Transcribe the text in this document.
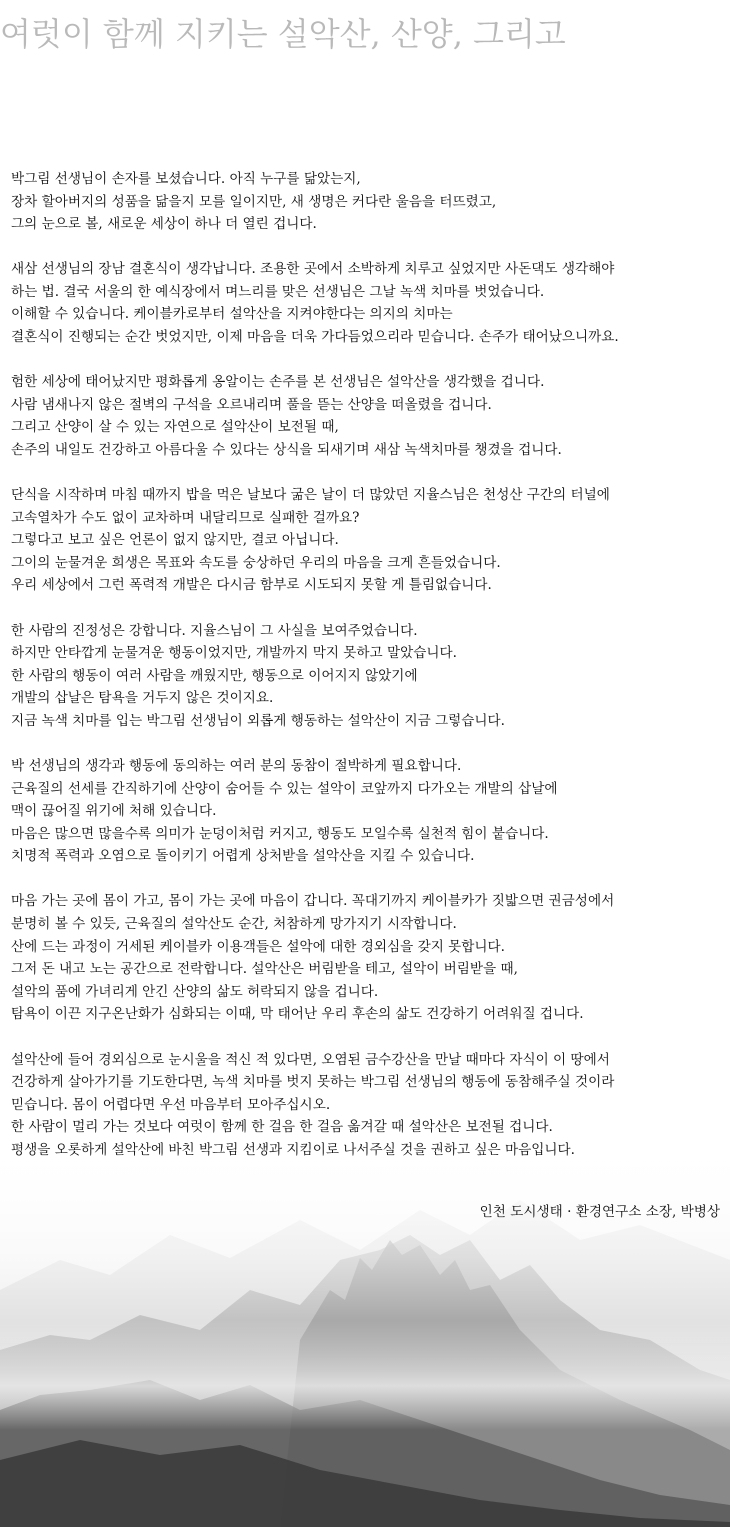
여럿이 함께 지키는 설악산, 산양, 그리고

박그림 선생님이 손자를 보셨습니다. 아직 누구를 닮았는지,
장차 할아버지의 성품을 닮을지 모를 일이지만, 새 생명은 커다란 울음을 터뜨렸고,
그의 눈으로 볼, 새로운 세상이 하나 더 열린 겁니다.

새삼 선생님의 장남 결혼식이 생각납니다. 조용한 곳에서 소박하게 치루고 싶었지만 사돈댁도 생각해야
하는 법. 결국 서울의 한 예식장에서 며느리를 맞은 선생님은 그날 녹색 치마를 벗었습니다.
이해할 수 있습니다. 케이블카로부터 설악산을 지켜야한다는 의지의 치마는
결혼식이 진행되는 순간 벗었지만, 이제 마음을 더욱 가다듬었으리라 믿습니다. 손주가 태어났으니까요.

험한 세상에 태어났지만 평화롭게 옹알이는 손주를 본 선생님은 설악산을 생각했을 겁니다.
사람 냄새나지 않은 절벽의 구석을 오르내리며 풀을 뜯는 산양을 떠올렸을 겁니다.
그리고 산양이 살 수 있는 자연으로 설악산이 보전될 때,
손주의 내일도 건강하고 아름다울 수 있다는 상식을 되새기며 새삼 녹색치마를 챙겼을 겁니다.

단식을 시작하며 마침 때까지 밥을 먹은 날보다 굶은 날이 더 많았던 지율스님은 천성산 구간의 터널에
고속열차가 수도 없이 교차하며 내달리므로 실패한 걸까요?
그렇다고 보고 싶은 언론이 없지 않지만, 결코 아닙니다.
그이의 눈물겨운 희생은 목표와 속도를 숭상하던 우리의 마음을 크게 흔들었습니다.
우리 세상에서 그런 폭력적 개발은 다시금 함부로 시도되지 못할 게 틀림없습니다.

한 사람의 진정성은 강합니다. 지율스님이 그 사실을 보여주었습니다.
하지만 안타깝게 눈물겨운 행동이었지만, 개발까지 막지 못하고 말았습니다.
한 사람의 행동이 여러 사람을 깨웠지만, 행동으로 이어지지 않았기에
개발의 삽날은 탐욕을 거두지 않은 것이지요.
지금 녹색 치마를 입는 박그림 선생님이 외롭게 행동하는 설악산이 지금 그렇습니다.

박 선생님의 생각과 행동에 동의하는 여러 분의 동참이 절박하게 필요합니다.
근육질의 선세를 간직하기에 산양이 숨어들 수 있는 설악이 코앞까지 다가오는 개발의 삽날에
맥이 끊어질 위기에 처해 있습니다.
마음은 많으면 많을수록 의미가 눈덩이처럼 커지고, 행동도 모일수록 실천적 힘이 붙습니다.
치명적 폭력과 오염으로 돌이키기 어렵게 상처받을 설악산을 지킬 수 있습니다.

마음 가는 곳에 몸이 가고, 몸이 가는 곳에 마음이 갑니다. 꼭대기까지 케이블카가 짓밟으면 권금성에서
분명히 볼 수 있듯, 근육질의 설악산도 순간, 처참하게 망가지기 시작합니다.
산에 드는 과정이 거세된 케이블카 이용객들은 설악에 대한 경외심을 갖지 못합니다.
그저 돈 내고 노는 공간으로 전락합니다. 설악산은 버림받을 테고, 설악이 버림받을 때,
설악의 품에 가녀리게 안긴 산양의 삶도 허락되지 않을 겁니다.
탐욕이 이끈 지구온난화가 심화되는 이때, 막 태어난 우리 후손의 삶도 건강하기 어려워질 겁니다.

설악산에 들어 경외심으로 눈시울을 적신 적 있다면, 오염된 금수강산을 만날 때마다 자식이 이 땅에서
건강하게 살아가기를 기도한다면, 녹색 치마를 벗지 못하는 박그림 선생님의 행동에 동참해주실 것이라
믿습니다. 몸이 어렵다면 우선 마음부터 모아주십시오.
한 사람이 멀리 가는 것보다 여럿이 함께 한 걸음 한 걸음 옮겨갈 때 설악산은 보전될 겁니다.
평생을 오롯하게 설악산에 바친 박그림 선생과 지킴이로 나서주실 것을 권하고 싶은 마음입니다.

인천 도시생태 · 환경연구소 소장, 박병상
